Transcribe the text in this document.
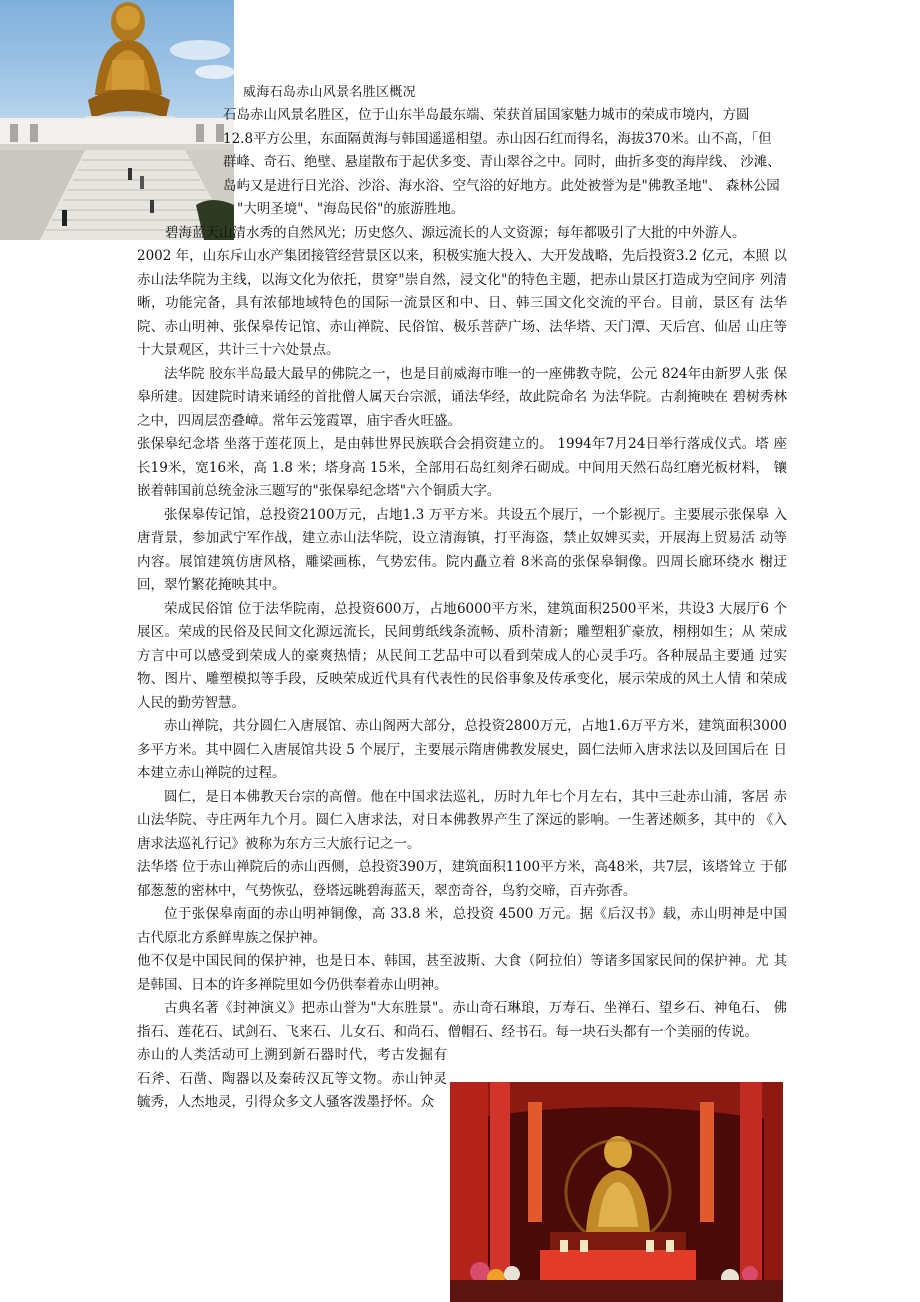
威海石岛赤山风景名胜区概况
石岛赤山风景名胜区，位于山东半岛最东端、荣获首届国家魅力城市的荣成市境内，方圆
12.8平方公里，东面隔黄海与韩国遥遥相望。赤山因石红而得名，海拔370米。山不高，「但
群峰、奇石、绝壁、悬崖散布于起伏多变、青山翠谷之中。同时，曲折多变的海岸线、 沙滩、
岛屿又是进行日光浴、沙浴、海水浴、空气浴的好地方。此处被誉为是"佛教圣地"、 森林公园
"大明圣境"、"海岛民俗"的旅游胜地。
碧海蓝天山清水秀的自然风光；历史悠久、源远流长的人文资源；每年都吸引了大批的中外游人。

2002 年，山东斥山水产集团接管经营景区以来，积极实施大投入、大开发战略，先后投资3.2 亿元，本照 以赤山法华院为主线，以海文化为依托，贯穿"崇自然，浸文化"的特色主题，把赤山景区打造成为空间序 列清晰，功能完备，具有浓郁地域特色的国际一流景区和中、日、韩三国文化交流的平台。目前，景区有 法华院、赤山明神、张保皋传记馆、赤山禅院、民俗馆、极乐菩萨广场、法华塔、天门潭、天后宫、仙居 山庄等十大景观区，共计三十六处景点。

法华院 胶东半岛最大最早的佛院之一，也是目前威海市唯一的一座佛教寺院，公元 824年由新罗人张 保皋所建。因建院时请来诵经的首批僧人属天台宗派，诵法华经，故此院命名 为法华院。古刹掩映在 碧树秀林之中，四周层峦叠嶂。常年云笼霞罩，庙宇香火旺盛。

张保皋纪念塔 坐落于莲花顶上，是由韩世界民族联合会捐资建立的。 1994年7月24日举行落成仪式。塔 座长19米，宽16米，高 1.8 米；塔身高 15米，全部用石岛红刻斧石砌成。中间用天然石岛红磨光板材料， 镶嵌着韩国前总统金泳三题写的"张保皋纪念塔"六个铜质大字。

张保皋传记馆，总投资2100万元，占地1.3 万平方米。共设五个展厅，一个影视厅。主要展示张保皋 入唐背景，参加武宁军作战，建立赤山法华院，设立清海镇，打平海盗，禁止奴婢买卖，开展海上贸易活 动等内容。展馆建筑仿唐风格，雕梁画栋，气势宏伟。院内矗立着 8米高的张保皋铜像。四周长廊环绕水 榭迂回，翠竹繁花掩映其中。

荣成民俗馆 位于法华院南，总投资600万，占地6000平方米，建筑面积2500平米，共设3 大展厅6 个展区。荣成的民俗及民间文化源远流长，民间剪纸线条流畅、质朴清新；雕塑粗犷豪放，栩栩如生；从 荣成方言中可以感受到荣成人的豪爽热情；从民间工艺品中可以看到荣成人的心灵手巧。各种展品主要通 过实物、图片、雕塑模拟等手段，反映荣成近代具有代表性的民俗事象及传承变化，展示荣成的风土人情 和荣成人民的勤劳智慧。

赤山禅院，共分圆仁入唐展馆、赤山阁两大部分，总投资2800万元，占地1.6万平方米，建筑面积3000 多平方米。其中圆仁入唐展馆共设 5 个展厅，主要展示隋唐佛教发展史，圆仁法师入唐求法以及回国后在 日本建立赤山禅院的过程。

圆仁，是日本佛教天台宗的高僧。他在中国求法巡礼，历时九年七个月左右，其中三赴赤山浦，客居 赤山法华院、寺庄两年九个月。圆仁入唐求法，对日本佛教界产生了深远的影响。一生著述颇多，其中的 《入唐求法巡礼行记》被称为东方三大旅行记之一。

法华塔 位于赤山禅院后的赤山西侧，总投资390万，建筑面积1100平方米，高48米，共7层，该塔耸立 于郁郁葱葱的密林中，气势恢弘，登塔远眺碧海蓝天，翠峦奇谷，鸟豹交啼，百卉弥香。

位于张保皋南面的赤山明神铜像，高 33.8 米，总投资 4500 万元。据《后汉书》载，赤山明神是中国 古代原北方系鲜卑族之保护神。

他不仅是中国民间的保护神，也是日本、韩国，甚至波斯、大食（阿拉伯）等诸多国家民间的保护神。尤 其是韩国、日本的许多禅院里如今仍供奉着赤山明神。

古典名著《封神演义》把赤山誉为"大东胜景"。赤山奇石琳琅，万寿石、坐禅石、望乡石、神龟石、 佛指石、莲花石、试剑石、飞来石、儿女石、和尚石、僧帽石、经书石。每一块石头都有一个美丽的传说。

赤山的人类活动可上溯到新石器时代，考古发掘有 石斧、石凿、陶器以及秦砖汉瓦等文物。赤山钟灵 毓秀，人杰地灵，引得众多文人骚客泼墨抒怀。众
